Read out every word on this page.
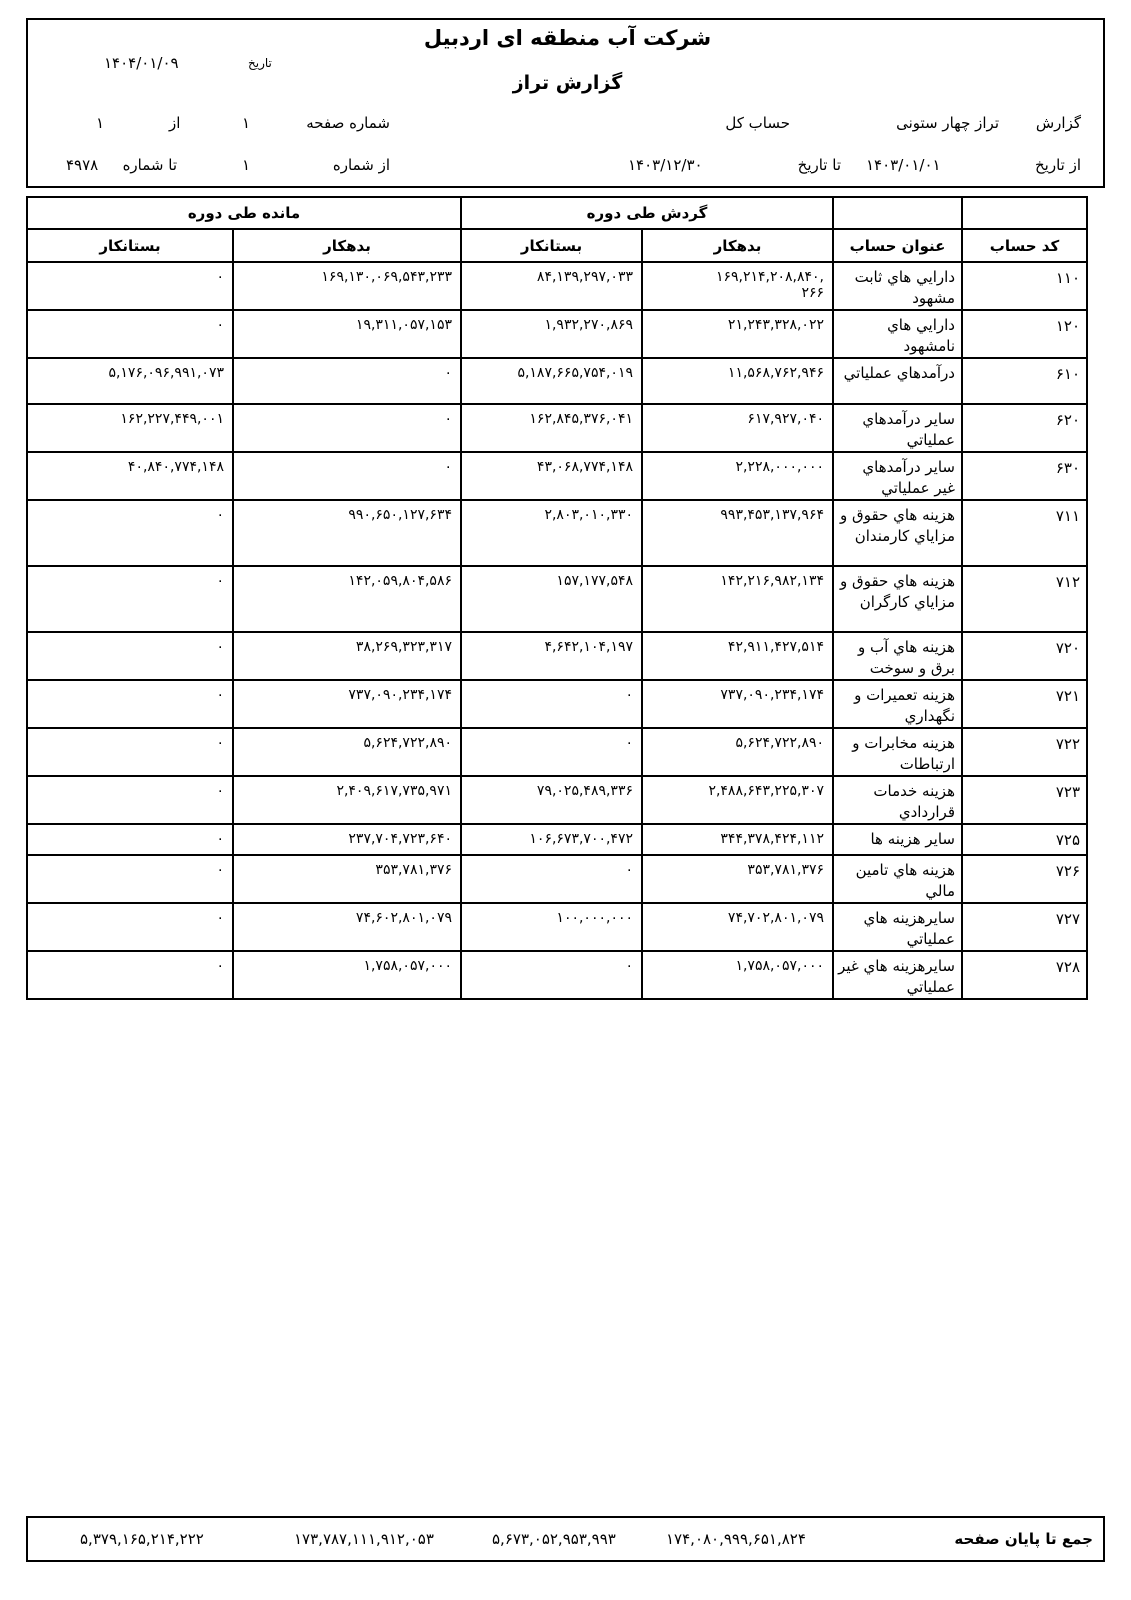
شرکت آب منطقه ای اردبیل
گزارش تراز
تاریخ
۱۴۰۴/۰۱/۰۹
گزارش
تراز چهار ستونی
حساب کل
شماره صفحه
۱
از
۱
از تاریخ
۱۴۰۳/۰۱/۰۱
تا تاریخ
۱۴۰۳/۱۲/۳۰
از شماره
۱
تا شماره
۴۹۷۸
مانده طی دوره		گردش طی دوره			
بستانکار	بدهکار	بستانکار	بدهکار	عنوان حساب	کد حساب
۰	۱۶۹,۱۳۰,۰۶۹,۵۴۳,۲۳۳	۸۴,۱۳۹,۲۹۷,۰۳۳	۱۶۹,۲۱۴,۲۰۸,۸۴۰,
۲۶۶	دارايي هاي ثابت مشهود	۱۱۰
۰	۱۹,۳۱۱,۰۵۷,۱۵۳	۱,۹۳۲,۲۷۰,۸۶۹	۲۱,۲۴۳,۳۲۸,۰۲۲	دارايي هاي نامشهود	۱۲۰
۵,۱۷۶,۰۹۶,۹۹۱,۰۷۳	۰	۵,۱۸۷,۶۶۵,۷۵۴,۰۱۹	۱۱,۵۶۸,۷۶۲,۹۴۶	درآمدهاي عملياتي	۶۱۰
۱۶۲,۲۲۷,۴۴۹,۰۰۱	۰	۱۶۲,۸۴۵,۳۷۶,۰۴۱	۶۱۷,۹۲۷,۰۴۰	ساير درآمدهاي عملياتي	۶۲۰
۴۰,۸۴۰,۷۷۴,۱۴۸	۰	۴۳,۰۶۸,۷۷۴,۱۴۸	۲,۲۲۸,۰۰۰,۰۰۰	ساير درآمدهاي غير عملياتي	۶۳۰
۰	۹۹۰,۶۵۰,۱۲۷,۶۳۴	۲,۸۰۳,۰۱۰,۳۳۰	۹۹۳,۴۵۳,۱۳۷,۹۶۴	هزينه هاي حقوق و مزاياي كارمندان	۷۱۱
۰	۱۴۲,۰۵۹,۸۰۴,۵۸۶	۱۵۷,۱۷۷,۵۴۸	۱۴۲,۲۱۶,۹۸۲,۱۳۴	هزينه هاي حقوق و مزاياي كارگران	۷۱۲
۰	۳۸,۲۶۹,۳۲۳,۳۱۷	۴,۶۴۲,۱۰۴,۱۹۷	۴۲,۹۱۱,۴۲۷,۵۱۴	هزينه هاي آب و برق و سوخت	۷۲۰
۰	۷۳۷,۰۹۰,۲۳۴,۱۷۴	۰	۷۳۷,۰۹۰,۲۳۴,۱۷۴	هزينه تعميرات و نگهداري	۷۲۱
۰	۵,۶۲۴,۷۲۲,۸۹۰	۰	۵,۶۲۴,۷۲۲,۸۹۰	هزينه مخابرات و ارتباطات	۷۲۲
۰	۲,۴۰۹,۶۱۷,۷۳۵,۹۷۱	۷۹,۰۲۵,۴۸۹,۳۳۶	۲,۴۸۸,۶۴۳,۲۲۵,۳۰۷	هزينه خدمات قراردادي	۷۲۳
۰	۲۳۷,۷۰۴,۷۲۳,۶۴۰	۱۰۶,۶۷۳,۷۰۰,۴۷۲	۳۴۴,۳۷۸,۴۲۴,۱۱۲	ساير هزينه ها	۷۲۵
۰	۳۵۳,۷۸۱,۳۷۶	۰	۳۵۳,۷۸۱,۳۷۶	هزينه هاي تامين مالي	۷۲۶
۰	۷۴,۶۰۲,۸۰۱,۰۷۹	۱۰۰,۰۰۰,۰۰۰	۷۴,۷۰۲,۸۰۱,۰۷۹	سايرهزينه هاي عملياتي	۷۲۷
۰	۱,۷۵۸,۰۵۷,۰۰۰	۰	۱,۷۵۸,۰۵۷,۰۰۰	سايرهزينه هاي غير عملياتي	۷۲۸
جمع تا پايان صفحه
۱۷۴,۰۸۰,۹۹۹,۶۵۱,۸۲۴
۵,۶۷۳,۰۵۲,۹۵۳,۹۹۳
۱۷۳,۷۸۷,۱۱۱,۹۱۲,۰۵۳
۵,۳۷۹,۱۶۵,۲۱۴,۲۲۲
